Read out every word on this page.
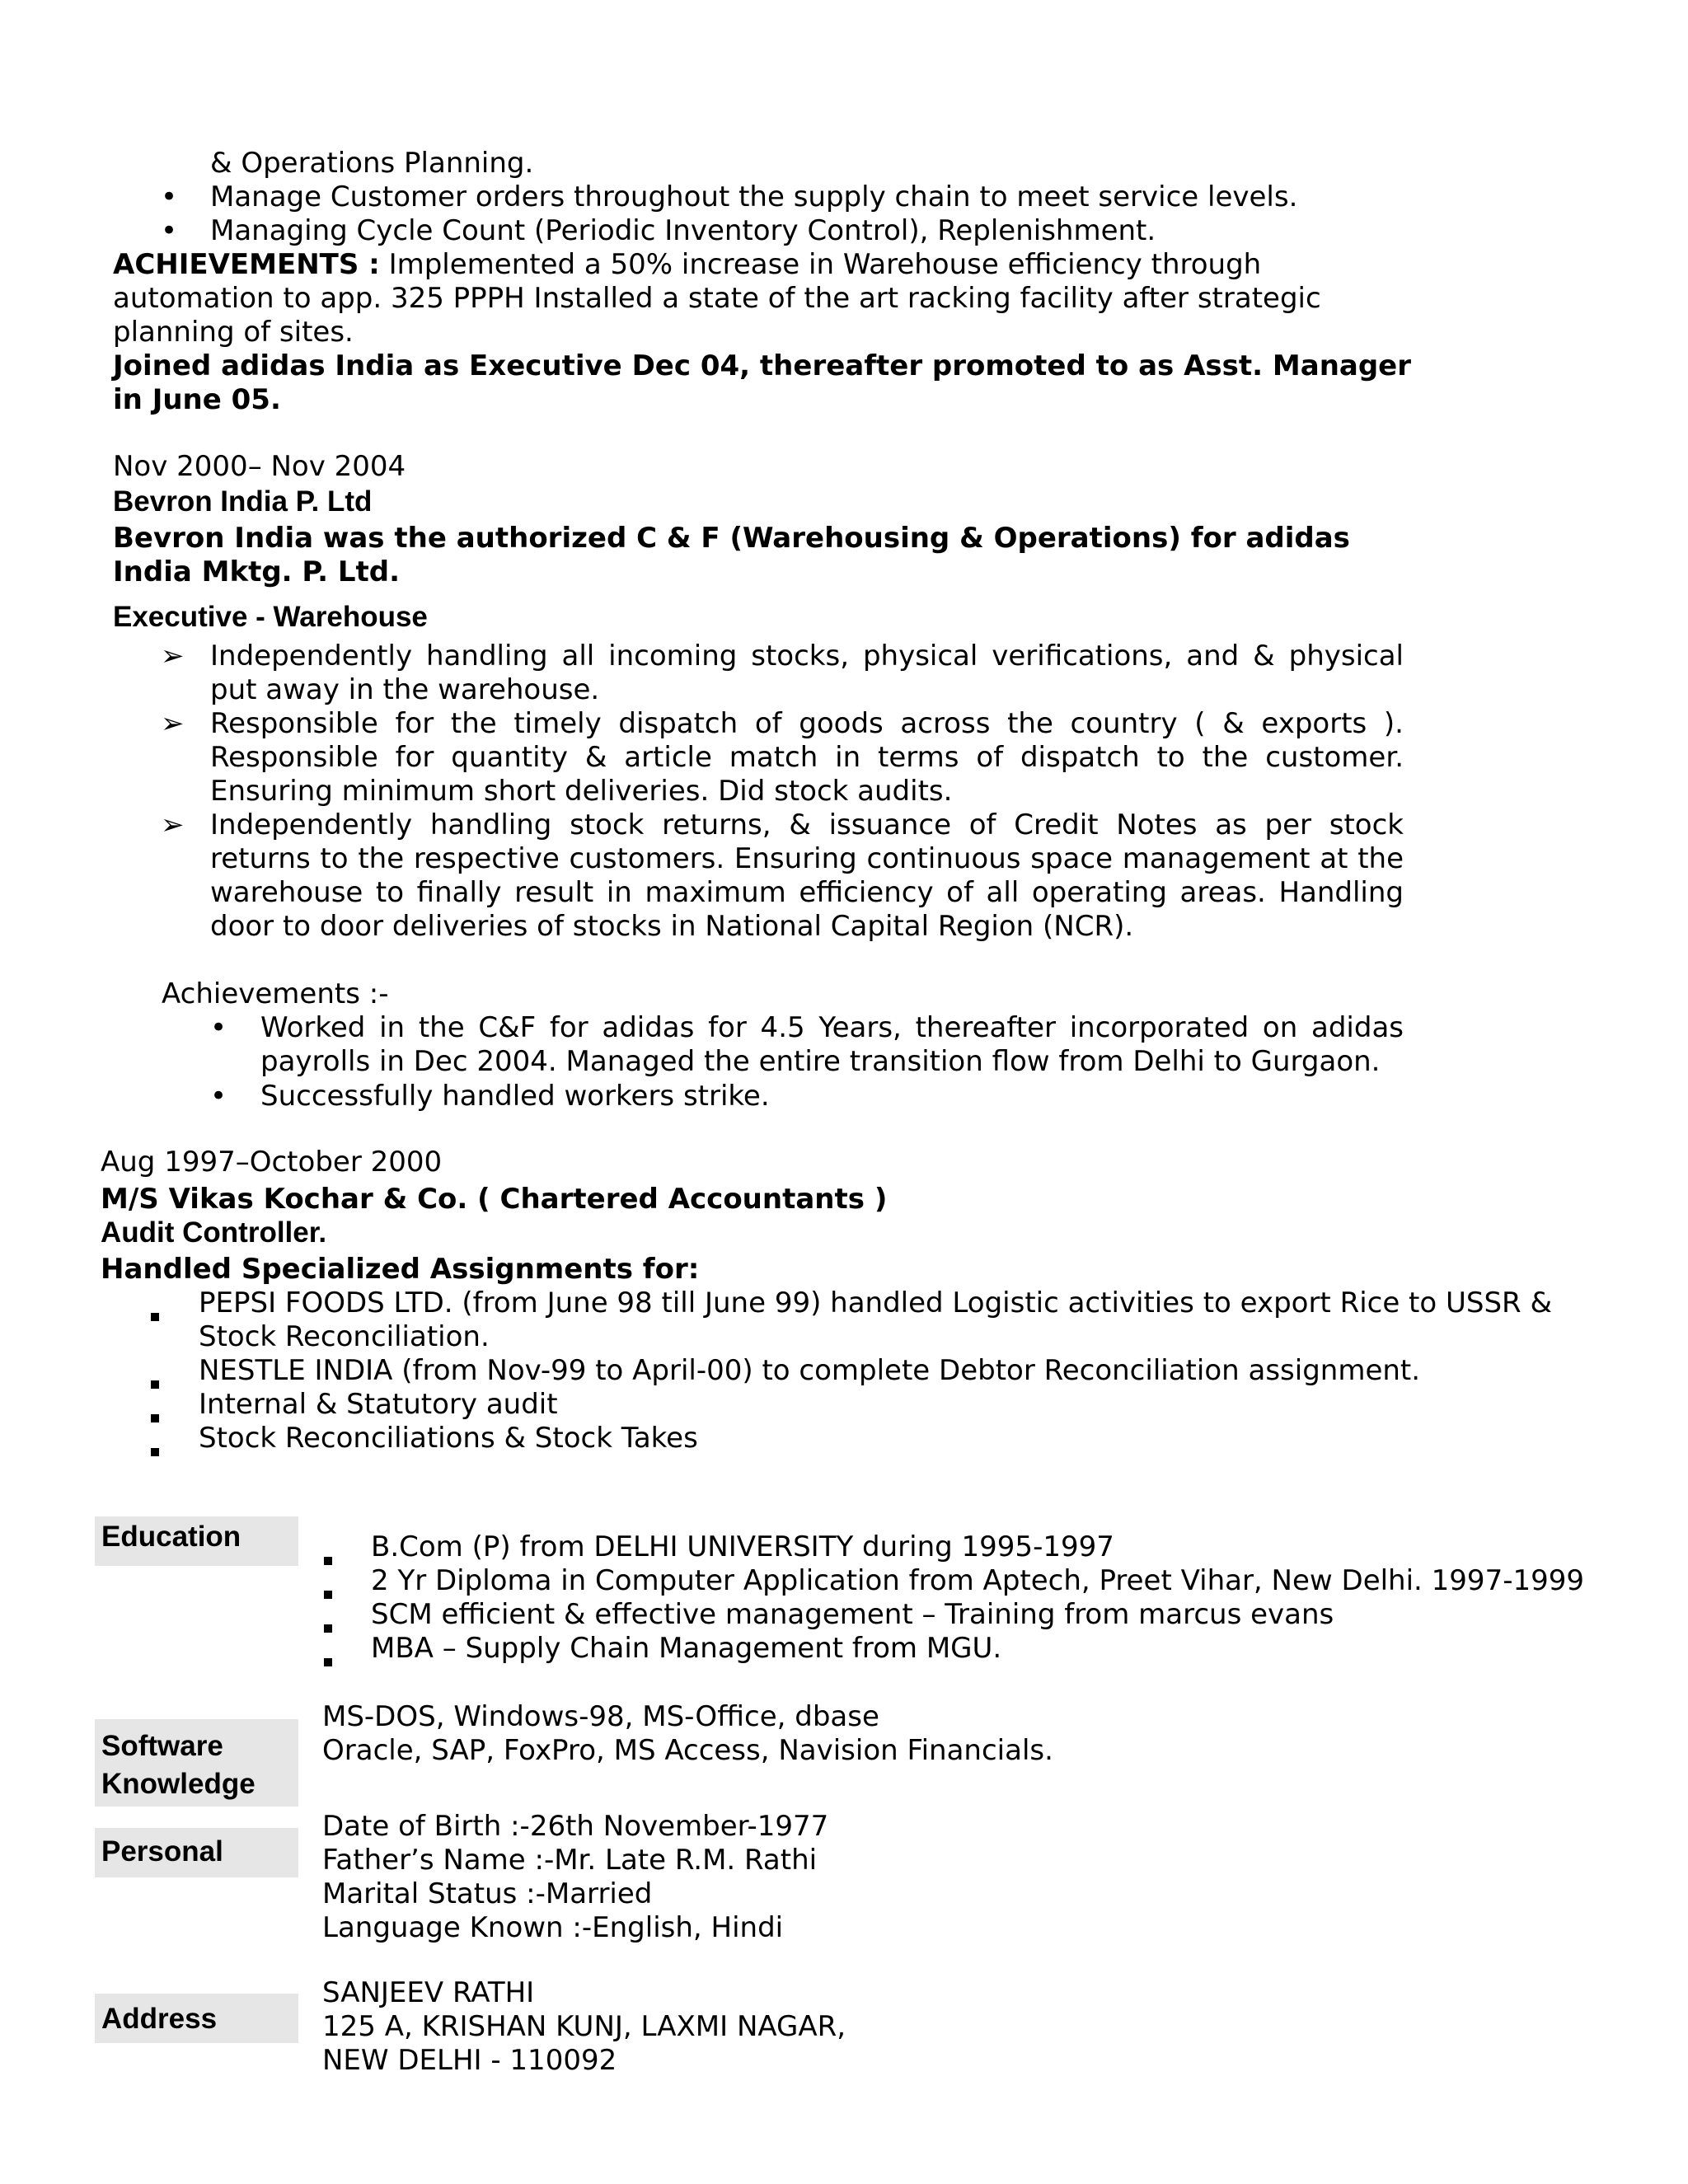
& Operations Planning.
• Manage Customer orders throughout the supply chain to meet service levels.
• Managing Cycle Count (Periodic Inventory Control), Replenishment.
ACHIEVEMENTS : Implemented a 50% increase in Warehouse efficiency through
automation to app. 325 PPPH Installed a state of the art racking facility after strategic
planning of sites.
Joined adidas India as Executive Dec 04, thereafter promoted to as Asst. Manager
in June 05.
Nov 2000– Nov 2004
Bevron India P. Ltd
Bevron India was the authorized C & F (Warehousing & Operations) for adidas
India Mktg. P. Ltd.
Executive - Warehouse
➢ Independently handling all incoming stocks, physical verifications, and & physical put away in the warehouse.
➢ Responsible for the timely dispatch of goods across the country ( & exports ). Responsible for quantity & article match in terms of dispatch to the customer. Ensuring minimum short deliveries. Did stock audits.
➢ Independently handling stock returns, & issuance of Credit Notes as per stock returns to the respective customers. Ensuring continuous space management at the warehouse to finally result in maximum efficiency of all operating areas. Handling door to door deliveries of stocks in National Capital Region (NCR).
Achievements :-
• Worked in the C&F for adidas for 4.5 Years, thereafter incorporated on adidas payrolls in Dec 2004. Managed the entire transition flow from Delhi to Gurgaon.
• Successfully handled workers strike.
Aug 1997–October 2000
M/S Vikas Kochar & Co. ( Chartered Accountants )
Audit Controller.
Handled Specialized Assignments for:
PEPSI FOODS LTD. (from June 98 till June 99) handled Logistic activities to export Rice to USSR &
Stock Reconciliation.
NESTLE INDIA (from Nov-99 to April-00) to complete Debtor Reconciliation assignment.
Internal & Statutory audit
Stock Reconciliations & Stock Takes
Education	B.Com (P) from DELHI UNIVERSITY during 1995-1997
2 Yr Diploma in Computer Application from Aptech, Preet Vihar, New Delhi. 1997-1999
SCM efficient & effective management – Training from marcus evans
MBA – Supply Chain Management from MGU.
Software
Knowledge
MS-DOS, Windows-98, MS-Office, dbase
Oracle, SAP, FoxPro, MS Access, Navision Financials.
Personal
Date of Birth :-26th November-1977
Father’s Name :-Mr. Late R.M. Rathi
Marital Status :-Married
Language Known :-English, Hindi
Address
SANJEEV RATHI
125 A, KRISHAN KUNJ, LAXMI NAGAR,
NEW DELHI - 110092
